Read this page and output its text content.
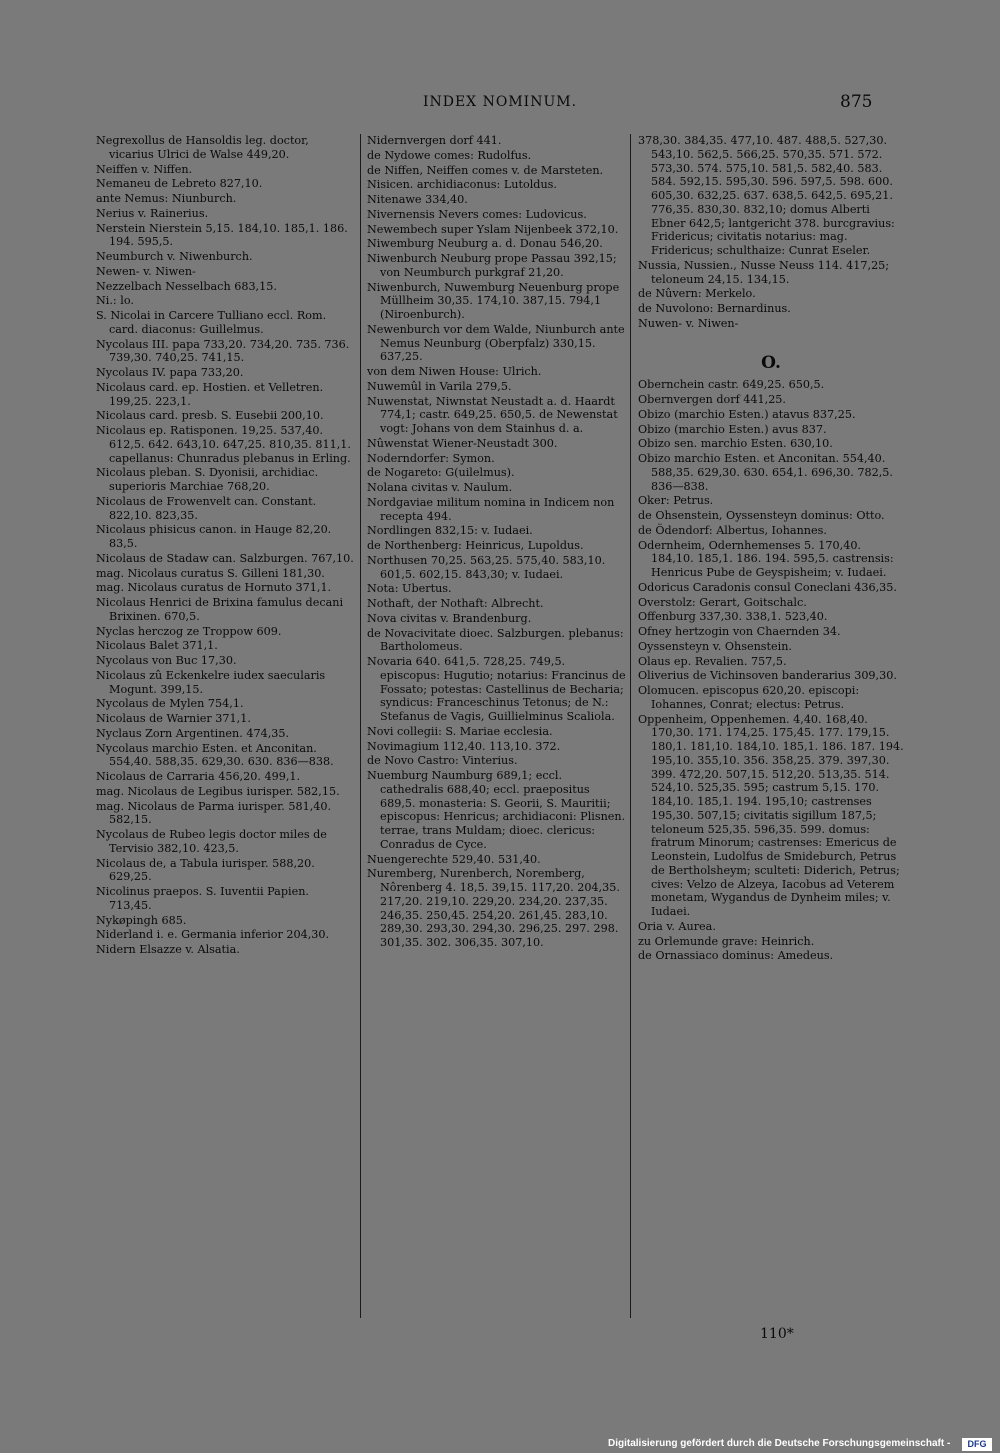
INDEX NOMINUM.	875
Negrexollus de Hansoldis leg. doctor, vicarius Ulrici de Walse 449,20.
Neiffen v. Niffen.
Nemaneu de Lebreto 827,10.
ante Nemus: Niunburch.
Nerius v. Rainerius.
Nerstein Nierstein 5,15. 184,10. 185,1. 186. 194. 595,5.
Neumburch v. Niwenburch.
Newen- v. Niwen-
Nezzelbach Nesselbach 683,15.
Ni.: lo.
S. Nicolai in Carcere Tulliano eccl. Rom. card. diaconus: Guillelmus.
Nycolaus III. papa 733,20. 734,20. 735. 736. 739,30. 740,25. 741,15.
Nycolaus IV. papa 733,20.
Nicolaus card. ep. Hostien. et Velletren. 199,25. 223,1.
Nicolaus card. presb. S. Eusebii 200,10.
Nicolaus ep. Ratisponen. 19,25. 537,40. 612,5. 642. 643,10. 647,25. 810,35. 811,1. capellanus: Chunradus plebanus in Erling.
Nicolaus pleban. S. Dyonisii, archidiac. superioris Marchiae 768,20.
Nicolaus de Frowenvelt can. Constant. 822,10. 823,35.
Nicolaus phisicus canon. in Hauge 82,20. 83,5.
Nicolaus de Stadaw can. Salzburgen. 767,10.
mag. Nicolaus curatus S. Gilleni 181,30.
mag. Nicolaus curatus de Hornuto 371,1.
Nicolaus Henrici de Brixina famulus decani Brixinen. 670,5.
Nyclas herczog ze Troppow 609.
Nicolaus Balet 371,1.
Nycolaus von Buc 17,30.
Nicolaus zû Eckenkelre iudex saecularis Mogunt. 399,15.
Nycolaus de Mylen 754,1.
Nicolaus de Warnier 371,1.
Nyclaus Zorn Argentinen. 474,35.
Nycolaus marchio Esten. et Anconitan. 554,40. 588,35. 629,30. 630. 836—838.
Nicolaus de Carraria 456,20. 499,1.
mag. Nicolaus de Legibus iurisper. 582,15.
mag. Nicolaus de Parma iurisper. 581,40. 582,15.
Nycolaus de Rubeo legis doctor miles de Tervisio 382,10. 423,5.
Nicolaus de, a Tabula iurisper. 588,20. 629,25.
Nicolinus praepos. S. Iuventii Papien. 713,45.
Nykøpingh 685.
Niderland i. e. Germania inferior 204,30.
Nidern Elsazze v. Alsatia.
Nidernvergen dorf 441.
de Nydowe comes: Rudolfus.
de Niffen, Neiffen comes v. de Marsteten.
Nisicen. archidiaconus: Lutoldus.
Nitenawe 334,40.
Nivernensis Nevers comes: Ludovicus.
Newembech super Yslam Nijenbeek 372,10.
Niwemburg Neuburg a. d. Donau 546,20.
Niwenburch Neuburg prope Passau 392,15; von Neumburch purkgraf 21,20.
Niwenburch, Nuwemburg Neuenburg prope Müllheim 30,35. 174,10. 387,15. 794,1 (Niroenburch).
Newenburch vor dem Walde, Niunburch ante Nemus Neunburg (Oberpfalz) 330,15. 637,25.
von dem Niwen House: Ulrich.
Nuwemûl in Varila 279,5.
Nuwenstat, Niwnstat Neustadt a. d. Haardt 774,1; castr. 649,25. 650,5. de Newenstat vogt: Johans von dem Stainhus d. a.
Nûwenstat Wiener-Neustadt 300.
Noderndorfer: Symon.
de Nogareto: G(uilelmus).
Nolana civitas v. Naulum.
Nordgaviae militum nomina in Indicem non recepta 494.
Nordlingen 832,15: v. Iudaei.
de Northenberg: Heinricus, Lupoldus.
Northusen 70,25. 563,25. 575,40. 583,10. 601,5. 602,15. 843,30; v. Iudaei.
Nota: Ubertus.
Nothaft, der Nothaft: Albrecht.
Nova civitas v. Brandenburg.
de Novacivitate dioec. Salzburgen. plebanus: Bartholomeus.
Novaria 640. 641,5. 728,25. 749,5. episcopus: Hugutio; notarius: Francinus de Fossato; potestas: Castellinus de Becharia; syndicus: Franceschinus Tetonus; de N.: Stefanus de Vagis, Guillielminus Scaliola.
Novi collegii: S. Mariae ecclesia.
Novimagium 112,40. 113,10. 372.
de Novo Castro: Vinterius.
Nuemburg Naumburg 689,1; eccl. cathedralis 688,40; eccl. praepositus 689,5. monasteria: S. Georii, S. Mauritii; episcopus: Henricus; archidiaconi: Plisnen. terrae, trans Muldam; dioec. clericus: Conradus de Cyce.
Nuengerechte 529,40. 531,40.
Nuremberg, Nurenberch, Noremberg, Nôrenberg 4. 18,5. 39,15. 117,20. 204,35. 217,20. 219,10. 229,20. 234,20. 237,35. 246,35. 250,45. 254,20. 261,45. 283,10. 289,30. 293,30. 294,30. 296,25. 297. 298. 301,35. 302. 306,35. 307,10.
378,30. 384,35. 477,10. 487. 488,5. 527,30. 543,10. 562,5. 566,25. 570,35. 571. 572. 573,30. 574. 575,10. 581,5. 582,40. 583. 584. 592,15. 595,30. 596. 597,5. 598. 600. 605,30. 632,25. 637. 638,5. 642,5. 695,21. 776,35. 830,30. 832,10; domus Alberti Ebner 642,5; lantgericht 378. burcgravius: Fridericus; civitatis notarius: mag. Fridericus; schulthaize: Cunrat Eseler.
Nussia, Nussien., Nusse Neuss 114. 417,25; teloneum 24,15. 134,15.
de Nûvern: Merkelo.
de Nuvolono: Bernardinus.
Nuwen- v. Niwen-
O.
Obernchein castr. 649,25. 650,5.
Obernvergen dorf 441,25.
Obizo (marchio Esten.) atavus 837,25.
Obizo (marchio Esten.) avus 837.
Obizo sen. marchio Esten. 630,10.
Obizo marchio Esten. et Anconitan. 554,40. 588,35. 629,30. 630. 654,1. 696,30. 782,5. 836—838.
Oker: Petrus.
de Ohsenstein, Oyssensteyn dominus: Otto.
de Ödendorf: Albertus, Iohannes.
Odernheim, Odernhemenses 5. 170,40. 184,10. 185,1. 186. 194. 595,5. castrensis: Henricus Pube de Geyspisheim; v. Iudaei.
Odoricus Caradonis consul Coneclani 436,35.
Overstolz: Gerart, Goitschalc.
Offenburg 337,30. 338,1. 523,40.
Ofney hertzogin von Chaernden 34.
Oyssensteyn v. Ohsenstein.
Olaus ep. Revalien. 757,5.
Oliverius de Vichinsoven banderarius 309,30.
Olomucen. episcopus 620,20. episcopi: Iohannes, Conrat; electus: Petrus.
Oppenheim, Oppenhemen. 4,40. 168,40. 170,30. 171. 174,25. 175,45. 177. 179,15. 180,1. 181,10. 184,10. 185,1. 186. 187. 194. 195,10. 355,10. 356. 358,25. 379. 397,30. 399. 472,20. 507,15. 512,20. 513,35. 514. 524,10. 525,35. 595; castrum 5,15. 170. 184,10. 185,1. 194. 195,10; castrenses 195,30. 507,15; civitatis sigillum 187,5; teloneum 525,35. 596,35. 599. domus: fratrum Minorum; castrenses: Emericus de Leonstein, Ludolfus de Smideburch, Petrus de Bertholsheym; sculteti: Diderich, Petrus; cives: Velzo de Alzeya, Iacobus ad Veterem monetam, Wygandus de Dynheim miles; v. Iudaei.
Oria v. Aurea.
zu Orlemunde grave: Heinrich.
de Ornassiaco dominus: Amedeus.
110*
Digitalisierung gefördert durch die Deutsche Forschungsgemeinschaft -	DFG
